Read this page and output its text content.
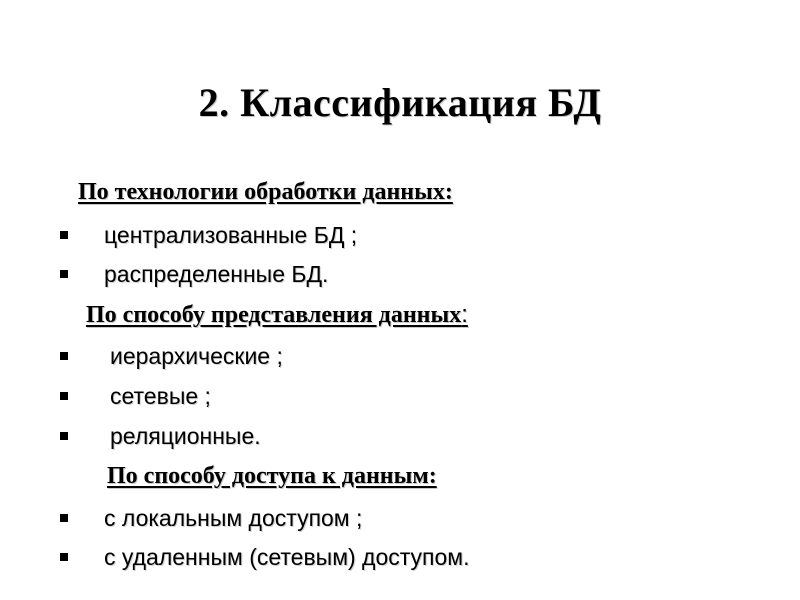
2. Классификация БД
По технологии обработки данных:
централизованные БД ;
распределенные БД.
По способу представления данных:
иерархические ;
сетевые ;
реляционные.
По способу доступа к данным:
с локальным доступом ;
с удаленным (сетевым) доступом.
